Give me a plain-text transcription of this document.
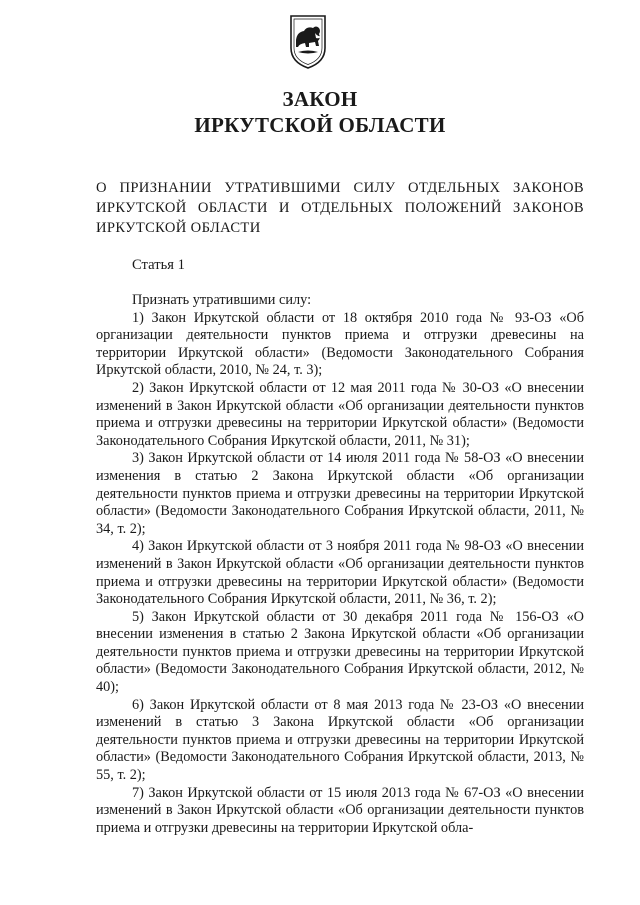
ЗАКОН
ИРКУТСКОЙ ОБЛАСТИ
О ПРИЗНАНИИ УТРАТИВШИМИ СИЛУ ОТДЕЛЬНЫХ ЗАКОНОВ ИРКУТСКОЙ ОБЛАСТИ И ОТДЕЛЬНЫХ ПОЛОЖЕНИЙ ЗАКОНОВ ИРКУТСКОЙ ОБЛАСТИ
Статья 1

Признать утратившими силу:

1) Закон Иркутской области от 18 октября 2010 года № 93-ОЗ «Об организации деятельности пунктов приема и отгрузки древесины на территории Иркутской области» (Ведомости Законодательного Собрания Иркутской области, 2010, № 24, т. 3);

2) Закон Иркутской области от 12 мая 2011 года № 30-ОЗ «О внесении изменений в Закон Иркутской области «Об организации деятельности пунктов приема и отгрузки древесины на территории Иркутской области» (Ведомости Законодательного Собрания Иркутской области, 2011, № 31);

3) Закон Иркутской области от 14 июля 2011 года № 58-ОЗ «О внесении изменения в статью 2 Закона Иркутской области «Об организации деятельности пунктов приема и отгрузки древесины на территории Иркутской области» (Ведомости Законодательного Собрания Иркутской области, 2011, № 34, т. 2);

4) Закон Иркутской области от 3 ноября 2011 года № 98-ОЗ «О внесении изменений в Закон Иркутской области «Об организации деятельности пунктов приема и отгрузки древесины на территории Иркутской области» (Ведомости Законодательного Собрания Иркутской области, 2011, № 36, т. 2);

5) Закон Иркутской области от 30 декабря 2011 года № 156-ОЗ «О внесении изменения в статью 2 Закона Иркутской области «Об организации деятельности пунктов приема и отгрузки древесины на территории Иркутской области» (Ведомости Законодательного Собрания Иркутской области, 2012, № 40);

6) Закон Иркутской области от 8 мая 2013 года № 23-ОЗ «О внесении изменений в статью 3 Закона Иркутской области «Об организации деятельности пунктов приема и отгрузки древесины на территории Иркутской области» (Ведомости Законодательного Собрания Иркутской области, 2013, № 55, т. 2);

7) Закон Иркутской области от 15 июля 2013 года № 67-ОЗ «О внесении изменений в Закон Иркутской области «Об организации деятельности пунктов приема и отгрузки древесины на территории Иркутской обла-
